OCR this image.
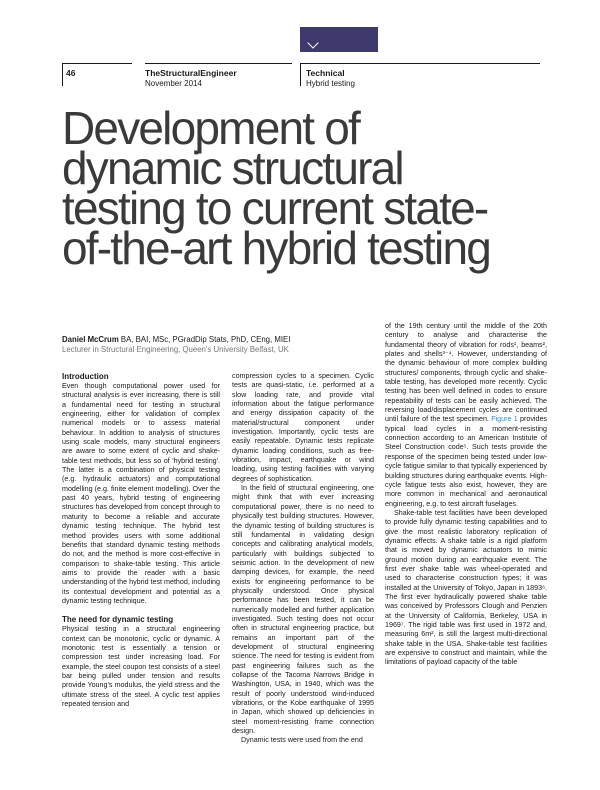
46	TheStructuralEngineer
November 2014
Technical
Hybrid testing
Development of
dynamic structural
testing to current state-
of-the-art hybrid testing
Daniel McCrum BA, BAI, MSc, PGradDip Stats, PhD, CEng, MIEI
Lecturer in Structural Engineering, Queen's University Belfast, UK
Introduction

Even though computational power used for structural analysis is ever increasing, there is still a fundamental need for testing in structural engineering, either for validation of complex numerical models or to assess material behaviour. In addition to analysis of structures using scale models, many structural engineers are aware to some extent of cyclic and shake-table test methods, but less so of 'hybrid testing'. The latter is a combination of physical testing (e.g. hydraulic actuators) and computational modelling (e.g. finite element modelling). Over the past 40 years, hybrid testing of engineering structures has developed from concept through to maturity to become a reliable and accurate dynamic testing technique. The hybrid test method provides users with some additional benefits that standard dynamic testing methods do not, and the method is more cost-effective in comparison to shake-table testing. This article aims to provide the reader with a basic understanding of the hybrid test method, including its contextual development and potential as a dynamic testing technique.

The need for dynamic testing

Physical testing in a structural engineering context can be monotonic, cyclic or dynamic. A monotonic test is essentially a tension or compression test under increasing load. For example, the steel coupon test consists of a steel bar being pulled under tension and results provide Young's modulus, the yield stress and the ultimate stress of the steel. A cyclic test applies repeated tension and

compression cycles to a specimen. Cyclic tests are quasi-static, i.e. performed at a slow loading rate, and provide vital information about the fatigue performance and energy dissipation capacity of the material/structural component under investigation. Importantly, cyclic tests are easily repeatable. Dynamic tests replicate dynamic loading conditions, such as free-vibration, impact, earthquake or wind loading, using testing facilities with varying degrees of sophistication.

In the field of structural engineering, one might think that with ever increasing computational power, there is no need to physically test building structures. However, the dynamic testing of building structures is still fundamental in validating design concepts and calibrating analytical models, particularly with buildings subjected to seismic action. In the development of new damping devices, for example, the need exists for engineering performance to be physically understood. Once physical performance has been tested, it can be numerically modelled and further application investigated. Such testing does not occur often in structural engineering practice, but remains an important part of the development of structural engineering science. The need for testing is evident from past engineering failures such as the collapse of the Tacoma Narrows Bridge in Washington, USA, in 1940, which was the result of poorly understood wind-induced vibrations, or the Kobe earthquake of 1995 in Japan, which showed up deficiencies in steel moment-resisting frame connection design.

Dynamic tests were used from the end

of the 19th century until the middle of the 20th century to analyse and characterise the fundamental theory of vibration for rods¹, beams², plates and shells³⁻⁴. However, understanding of the dynamic behaviour of more complex building structures/ components, through cyclic and shake-table testing, has developed more recently. Cyclic testing has been well defined in codes to ensure repeatability of tests can be easily achieved. The reversing load/displacement cycles are continued until failure of the test specimen. Figure 1 provides typical load cycles in a moment-resisting connection according to an American Institute of Steel Construction code⁵. Such tests provide the response of the specimen being tested under low-cycle fatigue similar to that typically experienced by building structures during earthquake events. High-cycle fatigue tests also exist, however, they are more common in mechanical and aeronautical engineering, e.g. to test aircraft fuselages.

Shake-table test facilities have been developed to provide fully dynamic testing capabilities and to give the most realistic laboratory replication of dynamic effects. A shake table is a rigid platform that is moved by dynamic actuators to mimic ground motion during an earthquake event. The first ever shake table was wheel-operated and used to characterise construction types; it was installed at the University of Tokyo, Japan in 1893⁶. The first ever hydraulically powered shake table was conceived by Professors Clough and Penzien at the University of California, Berkeley, USA in 1969⁷. The rigid table was first used in 1972 and, measuring 6m², is still the largest multi-directional shake table in the USA. Shake-table test facilities are expensive to construct and maintain, while the limitations of payload capacity of the table
